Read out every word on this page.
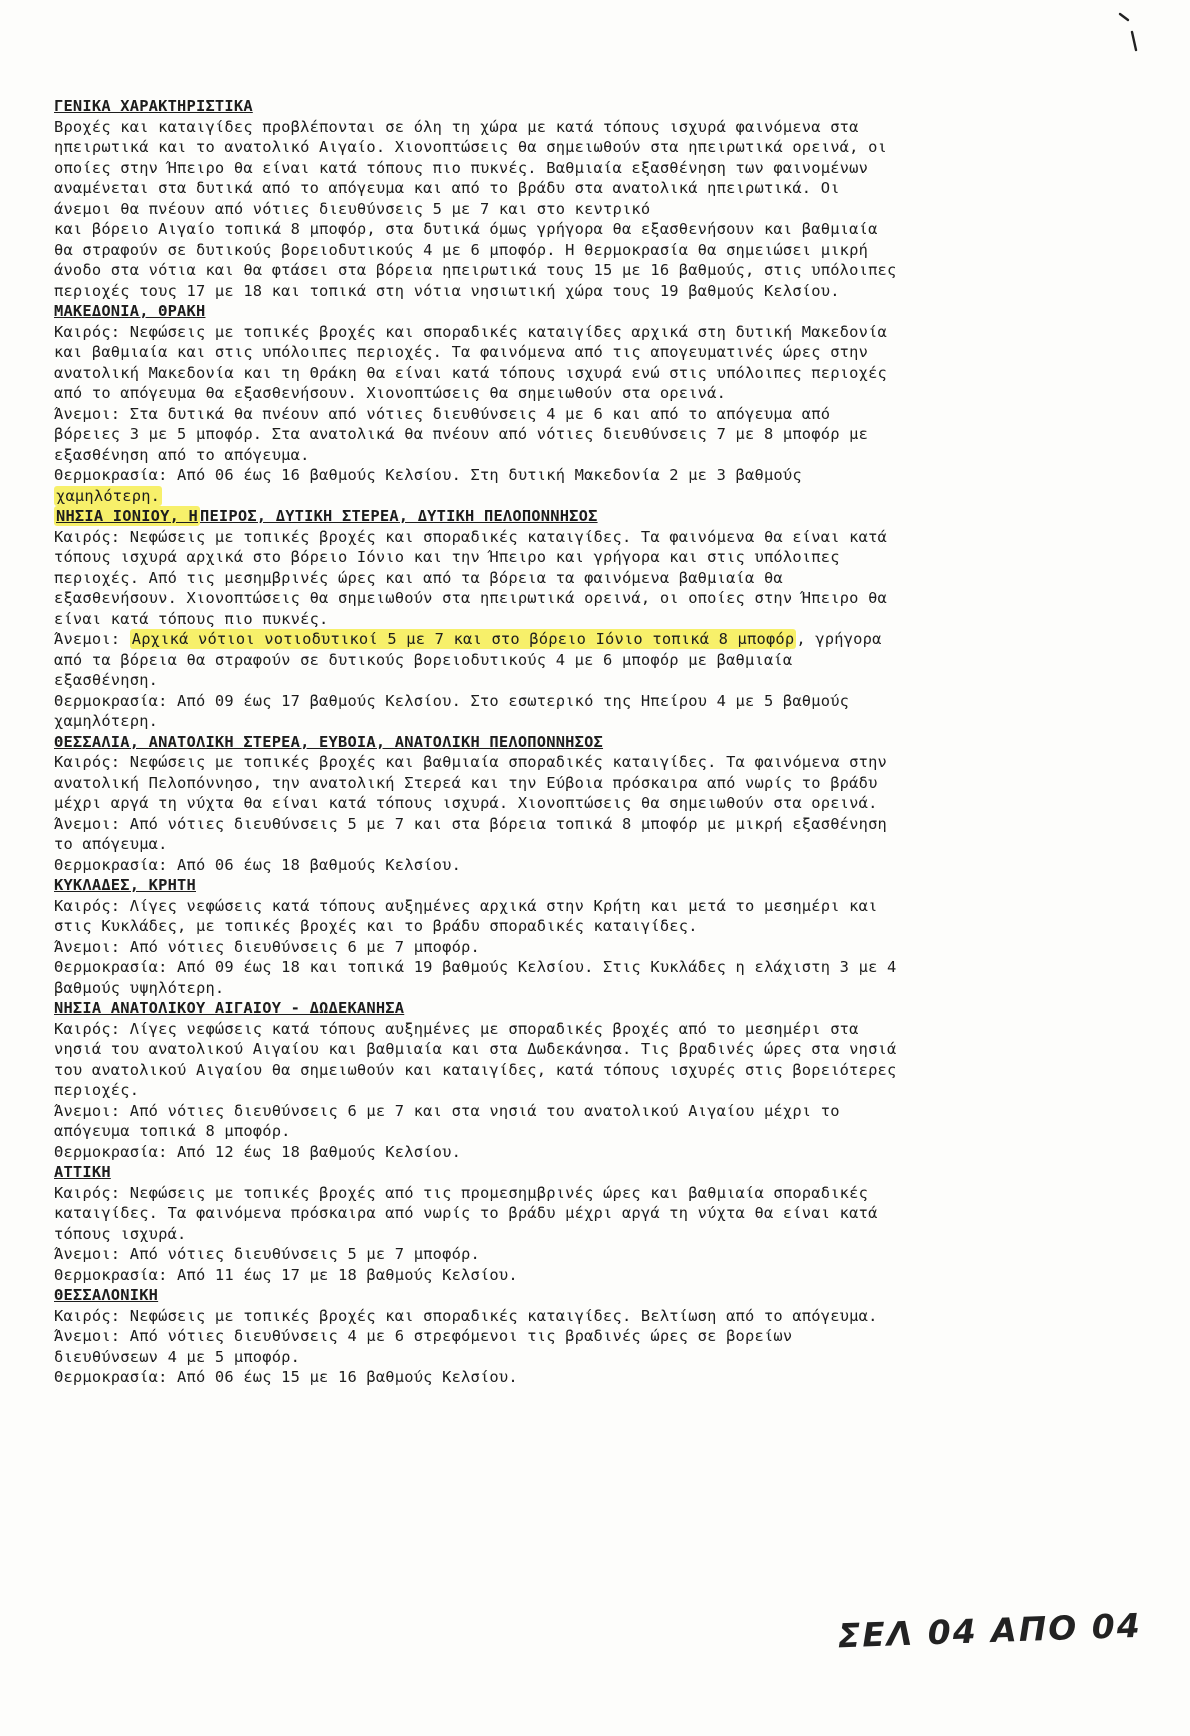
ΓΕΝΙΚΑ ΧΑΡΑΚΤΗΡΙΣΤΙΚΑ
Βροχές και καταιγίδες προβλέπονται σε όλη τη χώρα με κατά τόπους ισχυρά φαινόμενα στα
ηπειρωτικά και το ανατολικό Αιγαίο. Χιονοπτώσεις θα σημειωθούν στα ηπειρωτικά ορεινά, οι
οποίες στην Ήπειρο θα είναι κατά τόπους πιο πυκνές. Βαθμιαία εξασθένηση των φαινομένων
αναμένεται στα δυτικά από το απόγευμα και από το βράδυ στα ανατολικά ηπειρωτικά. Οι
άνεμοι θα πνέουν από νότιες διευθύνσεις 5 με 7 και στο κεντρικό
και βόρειο Αιγαίο τοπικά 8 μποφόρ, στα δυτικά όμως γρήγορα θα εξασθενήσουν και βαθμιαία
θα στραφούν σε δυτικούς βορειοδυτικούς 4 με 6 μποφόρ. Η θερμοκρασία θα σημειώσει μικρή
άνοδο στα νότια και θα φτάσει στα βόρεια ηπειρωτικά τους 15 με 16 βαθμούς, στις υπόλοιπες
περιοχές τους 17 με 18 και τοπικά στη νότια νησιωτική χώρα τους 19 βαθμούς Κελσίου.
ΜΑΚΕΔΟΝΙΑ, ΘΡΑΚΗ
Καιρός: Νεφώσεις με τοπικές βροχές και σποραδικές καταιγίδες αρχικά στη δυτική Μακεδονία
και βαθμιαία και στις υπόλοιπες περιοχές. Τα φαινόμενα από τις απογευματινές ώρες στην
ανατολική Μακεδονία και τη Θράκη θα είναι κατά τόπους ισχυρά ενώ στις υπόλοιπες περιοχές
από το απόγευμα θα εξασθενήσουν. Χιονοπτώσεις θα σημειωθούν στα ορεινά.
Άνεμοι: Στα δυτικά θα πνέουν από νότιες διευθύνσεις 4 με 6 και από το απόγευμα από
βόρειες 3 με 5 μποφόρ. Στα ανατολικά θα πνέουν από νότιες διευθύνσεις 7 με 8 μποφόρ με
εξασθένηση από το απόγευμα.
Θερμοκρασία: Από 06 έως 16 βαθμούς Κελσίου. Στη δυτική Μακεδονία 2 με 3 βαθμούς
χαμηλότερη.
ΝΗΣΙΑ ΙΟΝΙΟΥ, Η ΠΕΙΡΟΣ, ΔΥΤΙΚΗ ΣΤΕΡΕΑ, ΔΥΤΙΚΗ ΠΕΛΟΠΟΝΝΗΣΟΣ
Καιρός: Νεφώσεις με τοπικές βροχές και σποραδικές καταιγίδες. Τα φαινόμενα θα είναι κατά
τόπους ισχυρά αρχικά στο βόρειο Ιόνιο και την Ήπειρο και γρήγορα και στις υπόλοιπες
περιοχές. Από τις μεσημβρινές ώρες και από τα βόρεια τα φαινόμενα βαθμιαία θα
εξασθενήσουν. Χιονοπτώσεις θα σημειωθούν στα ηπειρωτικά ορεινά, οι οποίες στην Ήπειρο θα
είναι κατά τόπους πιο πυκνές.
Άνεμοι: Αρχικά νότιοι νοτιοδυτικοί 5 με 7 και στο βόρειο Ιόνιο τοπικά 8 μποφόρ , γρήγορα
από τα βόρεια θα στραφούν σε δυτικούς βορειοδυτικούς 4 με 6 μποφόρ με βαθμιαία
εξασθένηση.
Θερμοκρασία: Από 09 έως 17 βαθμούς Κελσίου. Στο εσωτερικό της Ηπείρου 4 με 5 βαθμούς
χαμηλότερη.
ΘΕΣΣΑΛΙΑ, ΑΝΑΤΟΛΙΚΗ ΣΤΕΡΕΑ, ΕΥΒΟΙΑ, ΑΝΑΤΟΛΙΚΗ ΠΕΛΟΠΟΝΝΗΣΟΣ
Καιρός: Νεφώσεις με τοπικές βροχές και βαθμιαία σποραδικές καταιγίδες. Τα φαινόμενα στην
ανατολική Πελοπόννησο, την ανατολική Στερεά και την Εύβοια πρόσκαιρα από νωρίς το βράδυ
μέχρι αργά τη νύχτα θα είναι κατά τόπους ισχυρά. Χιονοπτώσεις θα σημειωθούν στα ορεινά.
Άνεμοι: Από νότιες διευθύνσεις 5 με 7 και στα βόρεια τοπικά 8 μποφόρ με μικρή εξασθένηση
το απόγευμα.
Θερμοκρασία: Από 06 έως 18 βαθμούς Κελσίου.
ΚΥΚΛΑΔΕΣ, ΚΡΗΤΗ
Καιρός: Λίγες νεφώσεις κατά τόπους αυξημένες αρχικά στην Κρήτη και μετά το μεσημέρι και
στις Κυκλάδες, με τοπικές βροχές και το βράδυ σποραδικές καταιγίδες.
Άνεμοι: Από νότιες διευθύνσεις 6 με 7 μποφόρ.
Θερμοκρασία: Από 09 έως 18 και τοπικά 19 βαθμούς Κελσίου. Στις Κυκλάδες η ελάχιστη 3 με 4
βαθμούς υψηλότερη.
ΝΗΣΙΑ ΑΝΑΤΟΛΙΚΟΥ ΑΙΓΑΙΟΥ - ΔΩΔΕΚΑΝΗΣΑ
Καιρός: Λίγες νεφώσεις κατά τόπους αυξημένες με σποραδικές βροχές από το μεσημέρι στα
νησιά του ανατολικού Αιγαίου και βαθμιαία και στα Δωδεκάνησα. Τις βραδινές ώρες στα νησιά
του ανατολικού Αιγαίου θα σημειωθούν και καταιγίδες, κατά τόπους ισχυρές στις βορειότερες
περιοχές.
Άνεμοι: Από νότιες διευθύνσεις 6 με 7 και στα νησιά του ανατολικού Αιγαίου μέχρι το
απόγευμα τοπικά 8 μποφόρ.
Θερμοκρασία: Από 12 έως 18 βαθμούς Κελσίου.
ΑΤΤΙΚΗ
Καιρός: Νεφώσεις με τοπικές βροχές από τις προμεσημβρινές ώρες και βαθμιαία σποραδικές
καταιγίδες. Τα φαινόμενα πρόσκαιρα από νωρίς το βράδυ μέχρι αργά τη νύχτα θα είναι κατά
τόπους ισχυρά.
Άνεμοι: Από νότιες διευθύνσεις 5 με 7 μποφόρ.
Θερμοκρασία: Από 11 έως 17 με 18 βαθμούς Κελσίου.
ΘΕΣΣΑΛΟΝΙΚΗ
Καιρός: Νεφώσεις με τοπικές βροχές και σποραδικές καταιγίδες. Βελτίωση από το απόγευμα.
Άνεμοι: Από νότιες διευθύνσεις 4 με 6 στρεφόμενοι τις βραδινές ώρες σε βορείων
διευθύνσεων 4 με 5 μποφόρ.
Θερμοκρασία: Από 06 έως 15 με 16 βαθμούς Κελσίου.
ΣΕΛ 04 ΑΠΟ 04
